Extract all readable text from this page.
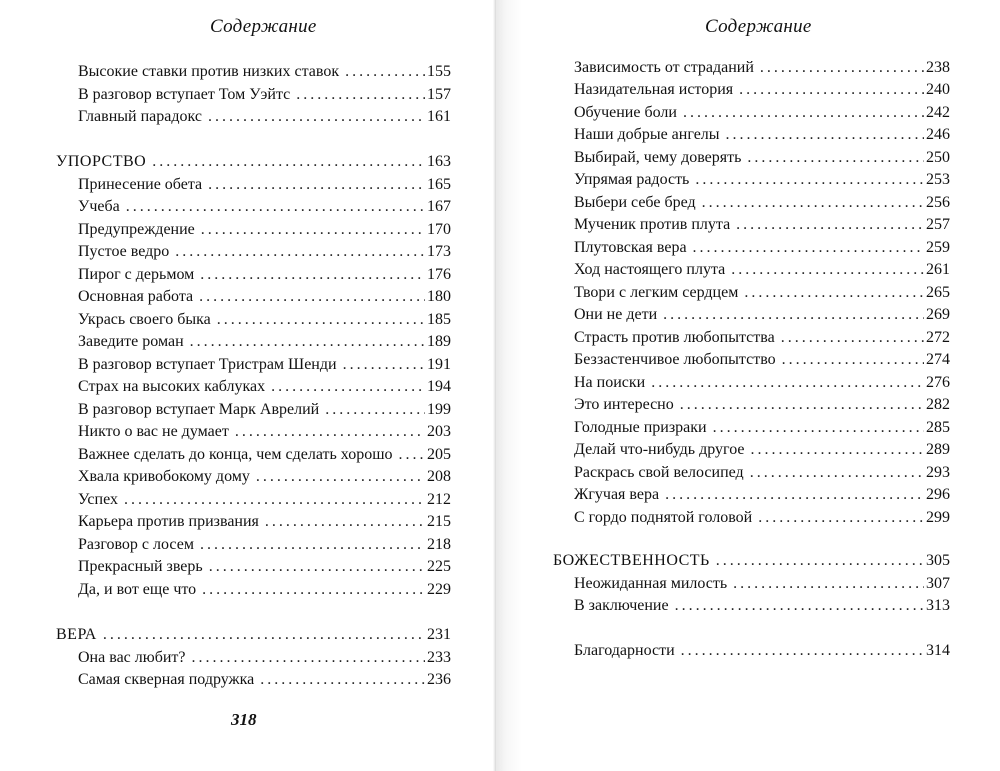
Содержание
Высокие ставки против низких ставок .....	155
В разговор вступает Том Уэйтс .....	157
Главный парадокс .....	161
УПОРСТВО .....	163
Принесение обета .....	165
Учеба .....	167
Предупреждение .....	170
Пустое ведро .....	173
Пирог с дерьмом .....	176
Основная работа .....	180
Укрась своего быка .....	185
Заведите роман .....	189
В разговор вступает Тристрам Шенди .....	191
Страх на высоких каблуках .....	194
В разговор вступает Марк Аврелий .....	199
Никто о вас не думает .....	203
Важнее сделать до конца, чем сделать хорошо ..... 205
Хвала кривобокому дому .....	208
Успех .....	212
Карьера против призвания .....	215
Разговор с лосем .....	218
Прекрасный зверь .....	225
Да, и вот еще что .....	229
ВЕРА .....	231
Она вас любит? .....	233
Самая скверная подружка .....	236
318
Содержание
Зависимость от страданий .....	238
Назидательная история .....	240
Обучение боли .....	242
Наши добрые ангелы .....	246
Выбирай, чему доверять .....	250
Упрямая радость .....	253
Выбери себе бред .....	256
Мученик против плута .....	257
Плутовская вера .....	259
Ход настоящего плута .....	261
Твори с легким сердцем .....	265
Они не дети .....	269
Страсть против любопытства .....	272
Беззастенчивое любопытство .....	274
На поиски .....	276
Это интересно .....	282
Голодные призраки .....	285
Делай что-нибудь другое .....	289
Раскрась свой велосипед .....	293
Жгучая вера .....	296
С гордо поднятой головой .....	299
БОЖЕСТВЕННОСТЬ .....	305
Неожиданная милость .....	307
В заключение .....	313
Благодарности .....	314
